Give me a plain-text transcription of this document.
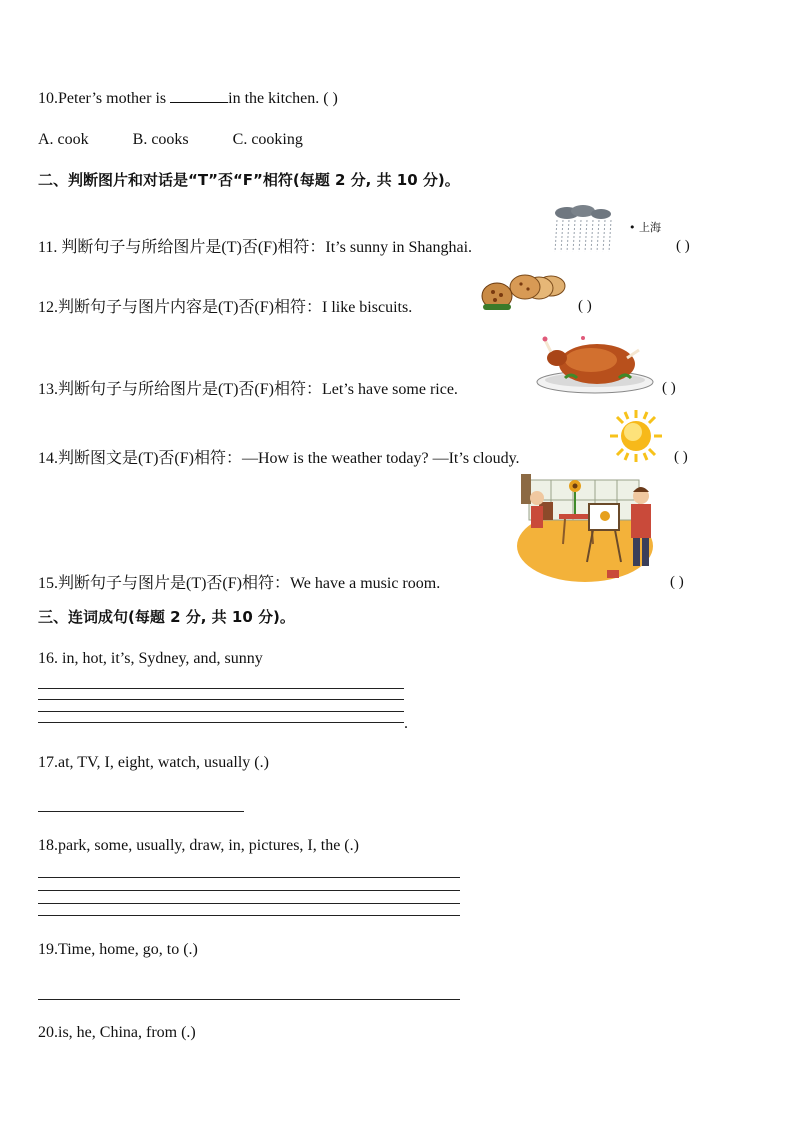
10.Peter’s mother is	in the kitchen. ( )
A. cook	B. cooks	C. cooking
二、判断图片和对话是“T”否“F”相符(每题 2 分, 共 10 分)。
11. 判断句子与所给图片是(T)否(F)相符：It’s sunny in Shanghai.
• 上海
( )
12.判断句子与图片内容是(T)否(F)相符：I like biscuits.	( )
13.判断句子与所给图片是(T)否(F)相符：Let’s have some rice.	( )
14.判断图文是(T)否(F)相符：—How is the weather today? —It’s cloudy.	( )
15.判断句子与图片是(T)否(F)相符：We have a music room.	( )
三、连词成句(每题 2 分, 共 10 分)。
16. in, hot, it’s, Sydney, and, sunny
.
17.at, TV, I, eight, watch, usually (.)
18.park, some, usually, draw, in, pictures, I, the (.)
19.Time, home, go, to (.)
20.is, he, China, from (.)
